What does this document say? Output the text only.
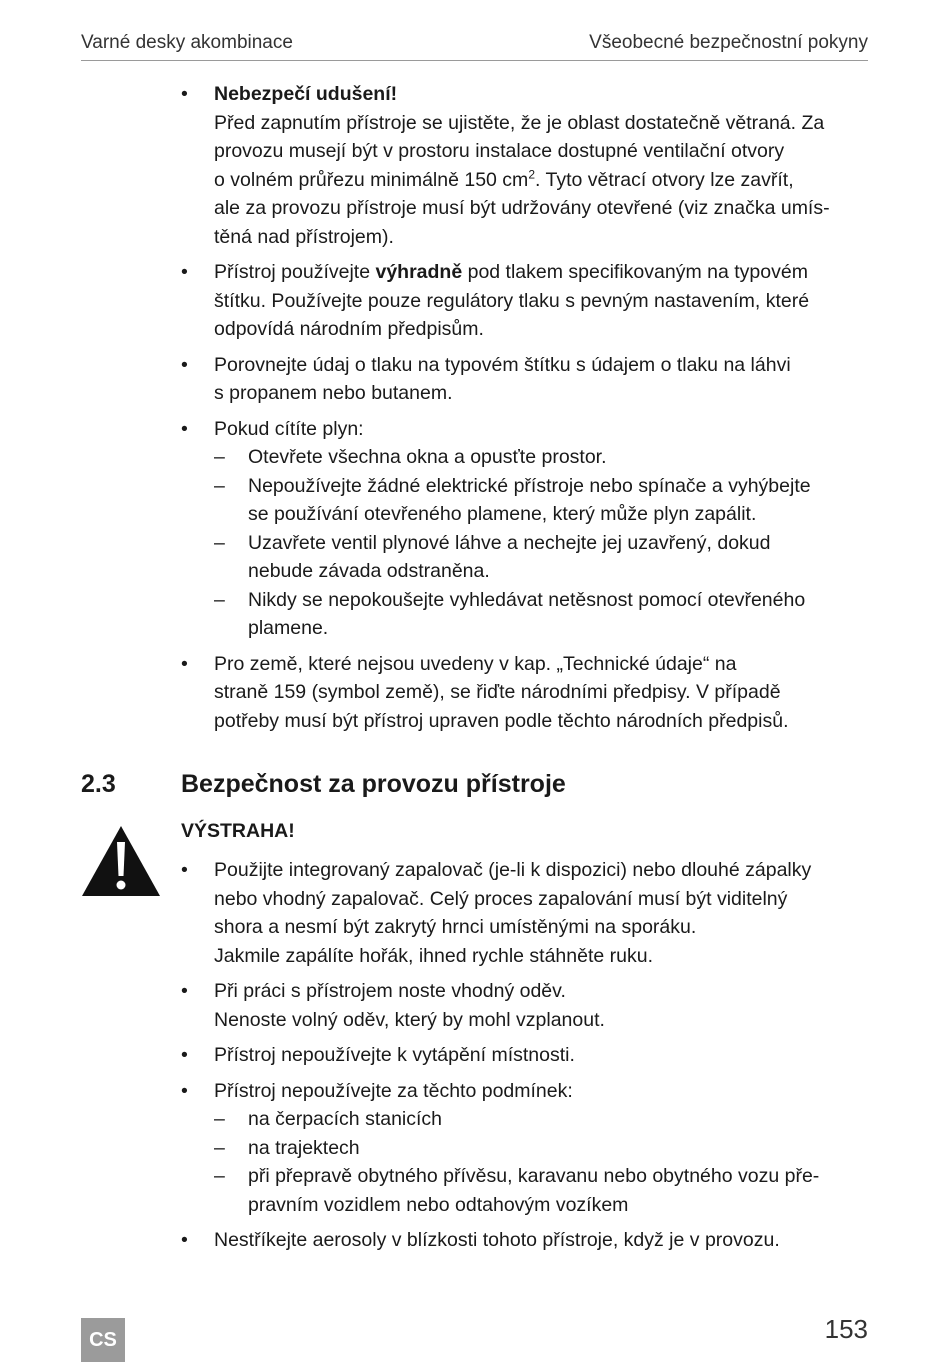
Varné desky akombinace	Všeobecné bezpečnostní pokyny
• Nebezpečí udušení!
Před zapnutím přístroje se ujistěte, že je oblast dostatečně větraná. Za
provozu musejí být v prostoru instalace dostupné ventilační otvory
o volném průřezu minimálně 150 $cm^2$. Tyto větrací otvory lze zavřít,
ale za provozu přístroje musí být udržovány otevřené (viz značka umís-
těná nad přístrojem).
• Přístroj používejte výhradně pod tlakem specifikovaným na typovém
štítku. Používejte pouze regulátory tlaku s pevným nastavením, které
odpovídá národním předpisům.
• Porovnejte údaj o tlaku na typovém štítku s údajem o tlaku na láhvi
s propanem nebo butanem.
• Pokud cítíte plyn:
– Otevřete všechna okna a opusťte prostor.
– Nepoužívejte žádné elektrické přístroje nebo spínače a vyhýbejte
se používání otevřeného plamene, který může plyn zapálit.
– Uzavřete ventil plynové láhve a nechejte jej uzavřený, dokud
nebude závada odstraněna.
– Nikdy se nepokoušejte vyhledávat netěsnost pomocí otevřeného
plamene.
• Pro země, které nejsou uvedeny v kap. „Technické údaje“ na
straně 159 (symbol země), se řiďte národními předpisy. V případě
potřeby musí být přístroj upraven podle těchto národních předpisů.
2.3	Bezpečnost za provozu přístroje
VÝSTRAHA!
• Použijte integrovaný zapalovač (je-li k dispozici) nebo dlouhé zápalky
nebo vhodný zapalovač. Celý proces zapalování musí být viditelný
shora a nesmí být zakrytý hrnci umístěnými na sporáku.
Jakmile zapálíte hořák, ihned rychle stáhněte ruku.
• Při práci s přístrojem noste vhodný oděv.
Nenoste volný oděv, který by mohl vzplanout.
• Přístroj nepoužívejte k vytápění místnosti.
• Přístroj nepoužívejte za těchto podmínek:
– na čerpacích stanicích
– na trajektech
– při přepravě obytného přívěsu, karavanu nebo obytného vozu pře-
pravním vozidlem nebo odtahovým vozíkem
• Nestříkejte aerosoly v blízkosti tohoto přístroje, když je v provozu.
CS	153
